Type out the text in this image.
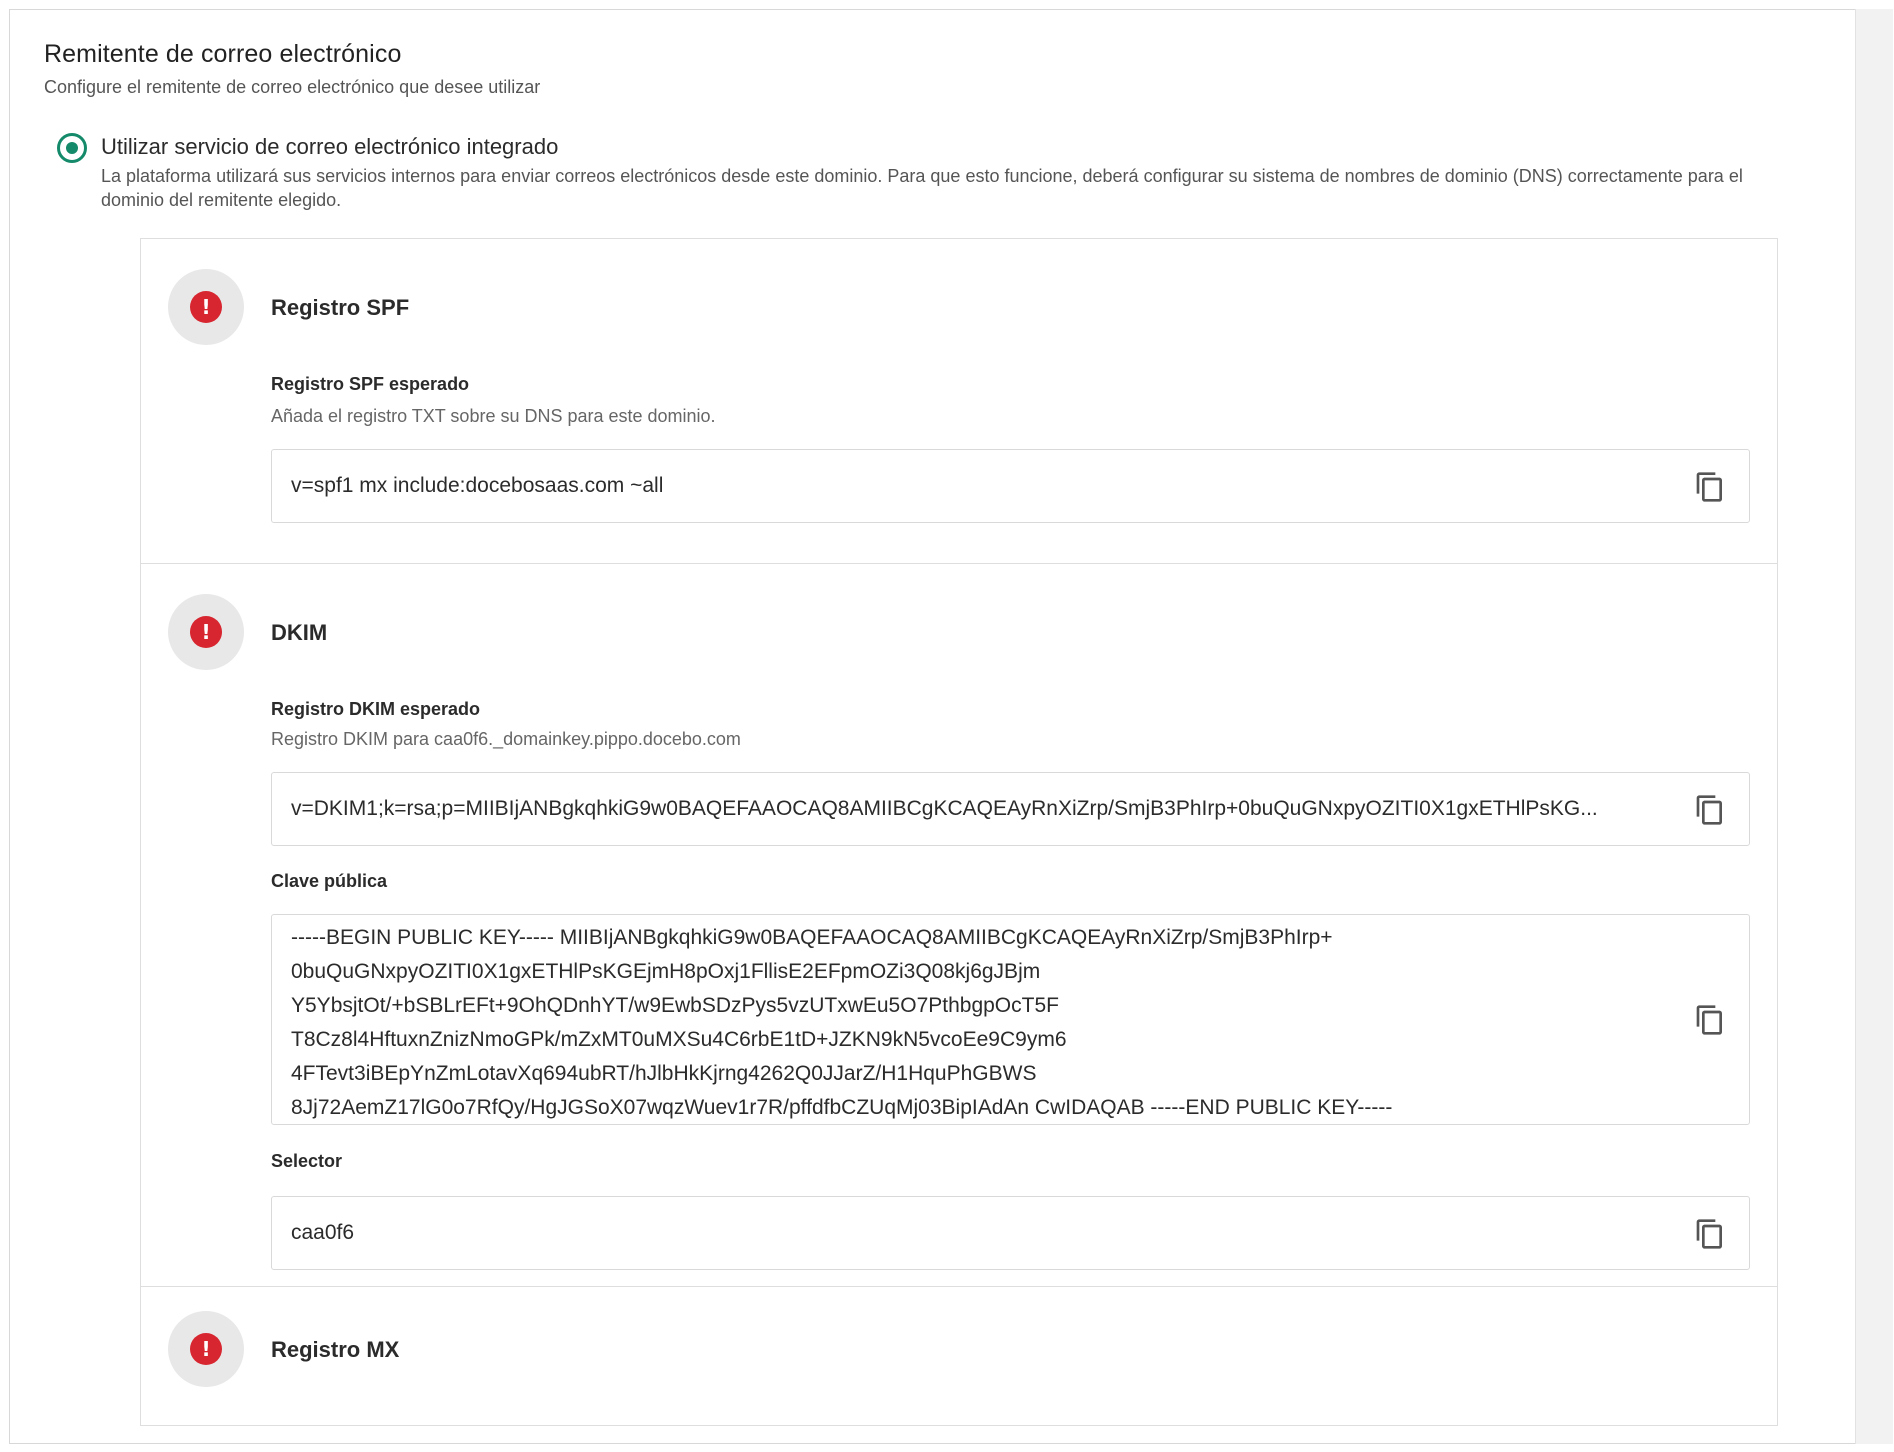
Remitente de correo electrónico
Configure el remitente de correo electrónico que desee utilizar
Utilizar servicio de correo electrónico integrado
La plataforma utilizará sus servicios internos para enviar correos electrónicos desde este dominio. Para que esto funcione, deberá configurar su sistema de nombres de dominio (DNS) correctamente para el dominio del remitente elegido.
!	Registro SPF
Registro SPF esperado
Añada el registro TXT sobre su DNS para este dominio.
v=spf1 mx include:docebosaas.com ~all
!	DKIM
Registro DKIM esperado
Registro DKIM para caa0f6._domainkey.pippo.docebo.com
v=DKIM1;k=rsa;p=MIIBIjANBgkqhkiG9w0BAQEFAAOCAQ8AMIIBCgKCAQEAyRnXiZrp/SmjB3PhIrp+0buQuGNxpyOZITI0X1gxETHlPsKG...
Clave pública
-----BEGIN PUBLIC KEY----- MIIBIjANBgkqhkiG9w0BAQEFAAOCAQ8AMIIBCgKCAQEAyRnXiZrp/SmjB3PhIrp+
0buQuGNxpyOZITI0X1gxETHlPsKGEjmH8pOxj1FllisE2EFpmOZi3Q08kj6gJBjm
Y5YbsjtOt/+bSBLrEFt+9OhQDnhYT/w9EwbSDzPys5vzUTxwEu5O7PthbgpOcT5F
T8Cz8l4HftuxnZnizNmoGPk/mZxMT0uMXSu4C6rbE1tD+JZKN9kN5vcoEe9C9ym6
4FTevt3iBEpYnZmLotavXq694ubRT/hJlbHkKjrng4262Q0JJarZ/H1HquPhGBWS
8Jj72AemZ17lG0o7RfQy/HgJGSoX07wqzWuev1r7R/pffdfbCZUqMj03BipIAdAn CwIDAQAB -----END PUBLIC KEY-----
Selector
caa0f6
!	Registro MX
